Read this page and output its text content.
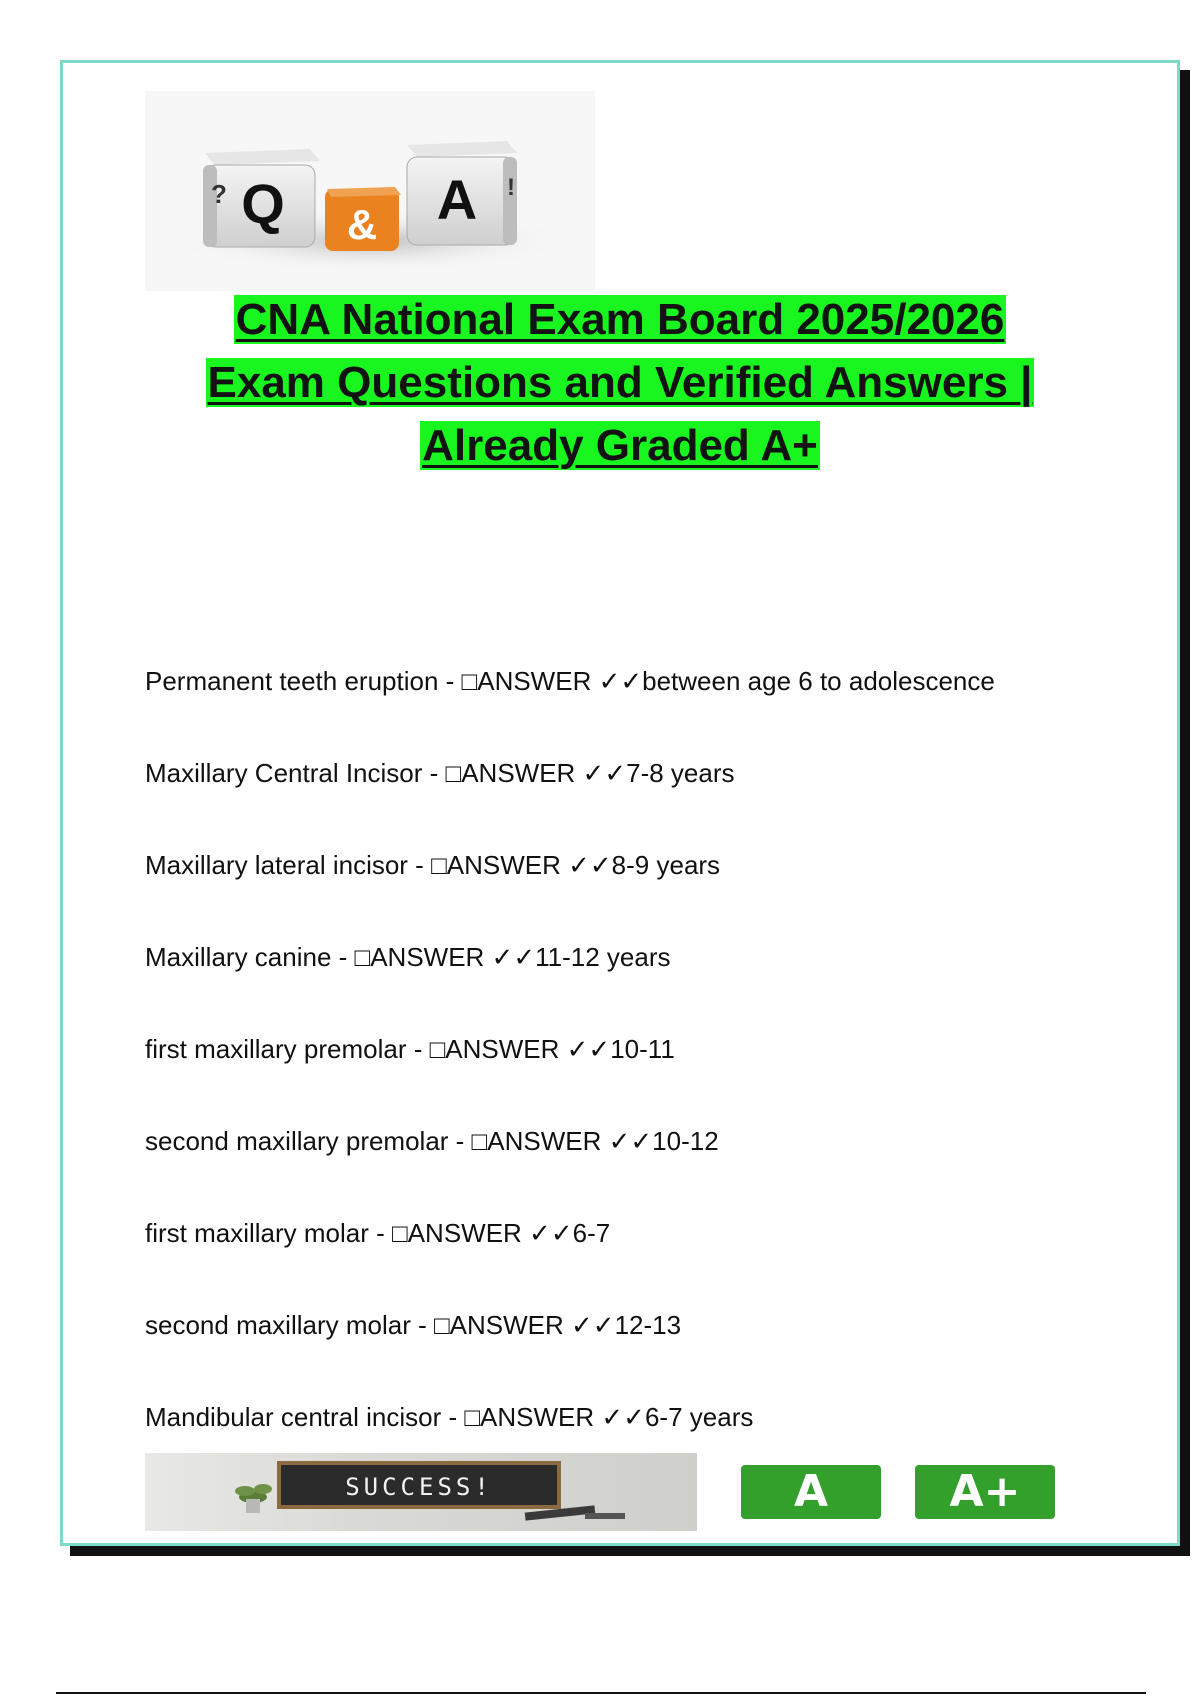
Q
?
& A !
CNA National Exam Board 2025/2026
Exam Questions and Verified Answers |
Already Graded A+
Permanent teeth eruption - □ANSWER ✓✓between age 6 to adolescence
Maxillary Central Incisor - □ANSWER ✓✓7-8 years
Maxillary lateral incisor - □ANSWER ✓✓8-9 years
Maxillary canine - □ANSWER ✓✓11-12 years
first maxillary premolar - □ANSWER ✓✓10-11
second maxillary premolar - □ANSWER ✓✓10-12
first maxillary molar - □ANSWER ✓✓6-7
second maxillary molar - □ANSWER ✓✓12-13
Mandibular central incisor - □ANSWER ✓✓6-7 years
SUCCESS!	A	A+
